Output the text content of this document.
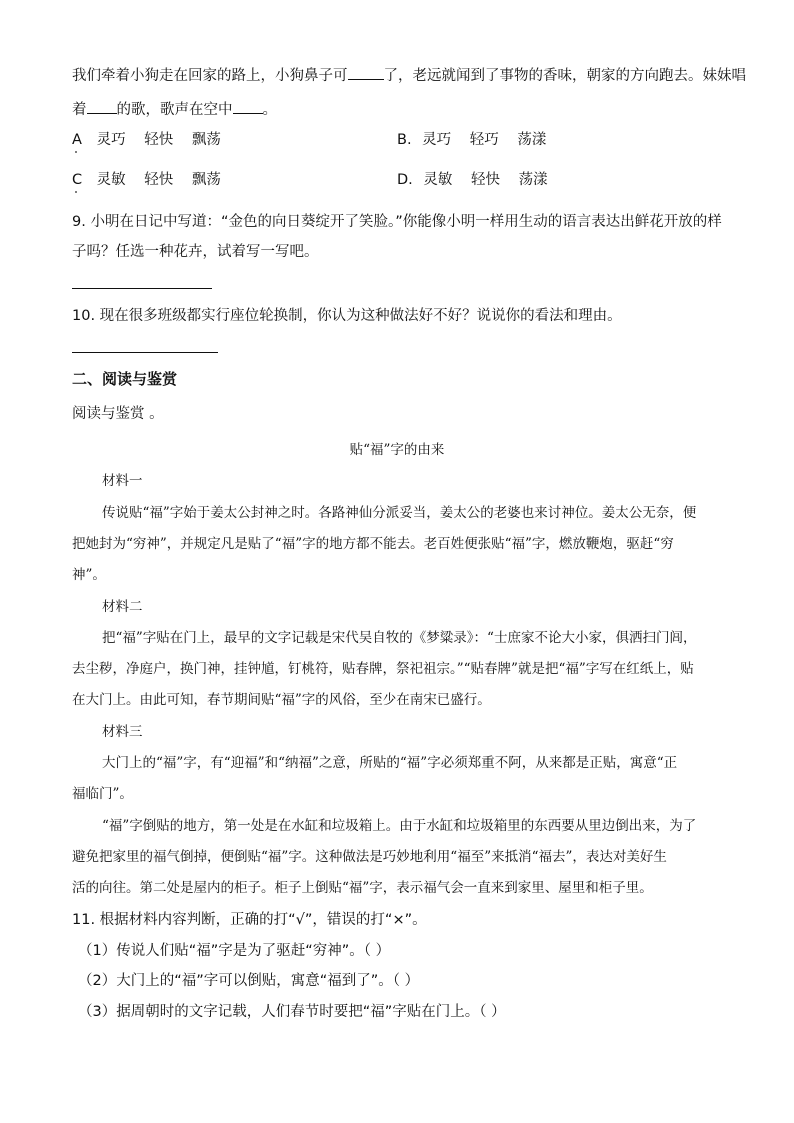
我们牵着小狗走在回家的路上，小狗鼻子可 了，老远就闻到了事物的香味，朝家的方向跑去。妹妹唱
着 的歌，歌声在空中 。
A 灵巧 轻快 飘荡	B. 灵巧 轻巧 荡漾
C 灵敏 轻快 飘荡	D. 灵敏 轻快 荡漾
9. 小明在日记中写道：“金色的向日葵绽开了笑脸。”你能像小明一样用生动的语言表达出鲜花开放的样
子吗？任选一种花卉，试着写一写吧。
10. 现在很多班级都实行座位轮换制，你认为这种做法好不好？说说你的看法和理由。
二、阅读与鉴赏
阅读与鉴赏 。
贴“福”字的由来
材料一
传说贴“福”字始于姜太公封神之时。各路神仙分派妥当，姜太公的老婆也来讨神位。姜太公无奈，便
把她封为“穷神”，并规定凡是贴了“福”字的地方都不能去。老百姓便张贴“福”字，燃放鞭炮，驱赶“穷
神”。
材料二
把“福”字贴在门上，最早的文字记载是宋代吴自牧的《梦粱录》：“士庶家不论大小家，俱洒扫门闾，
去尘秽，净庭户，换门神，挂钟馗，钉桃符，贴春牌，祭祀祖宗。”“贴春牌”就是把“福”字写在红纸上，贴
在大门上。由此可知，春节期间贴“福”字的风俗，至少在南宋已盛行。
材料三
大门上的“福”字，有“迎福”和“纳福”之意，所贴的“福”字必须郑重不阿，从来都是正贴，寓意“正
福临门”。
“福”字倒贴的地方，第一处是在水缸和垃圾箱上。由于水缸和垃圾箱里的东西要从里边倒出来，为了
避免把家里的福气倒掉，便倒贴“福”字。这种做法是巧妙地利用“福至”来抵消“福去”，表达对美好生
活的向往。第二处是屋内的柜子。柜子上倒贴“福”字，表示福气会一直来到家里、屋里和柜子里。
11. 根据材料内容判断，正确的打“√”，错误的打“×”。
（1）传说人们贴“福”字是为了驱赶“穷神”。（ ）
（2）大门上的“福”字可以倒贴，寓意“福到了”。（ ）
（3）据周朝时的文字记载，人们春节时要把“福”字贴在门上。（ ）
